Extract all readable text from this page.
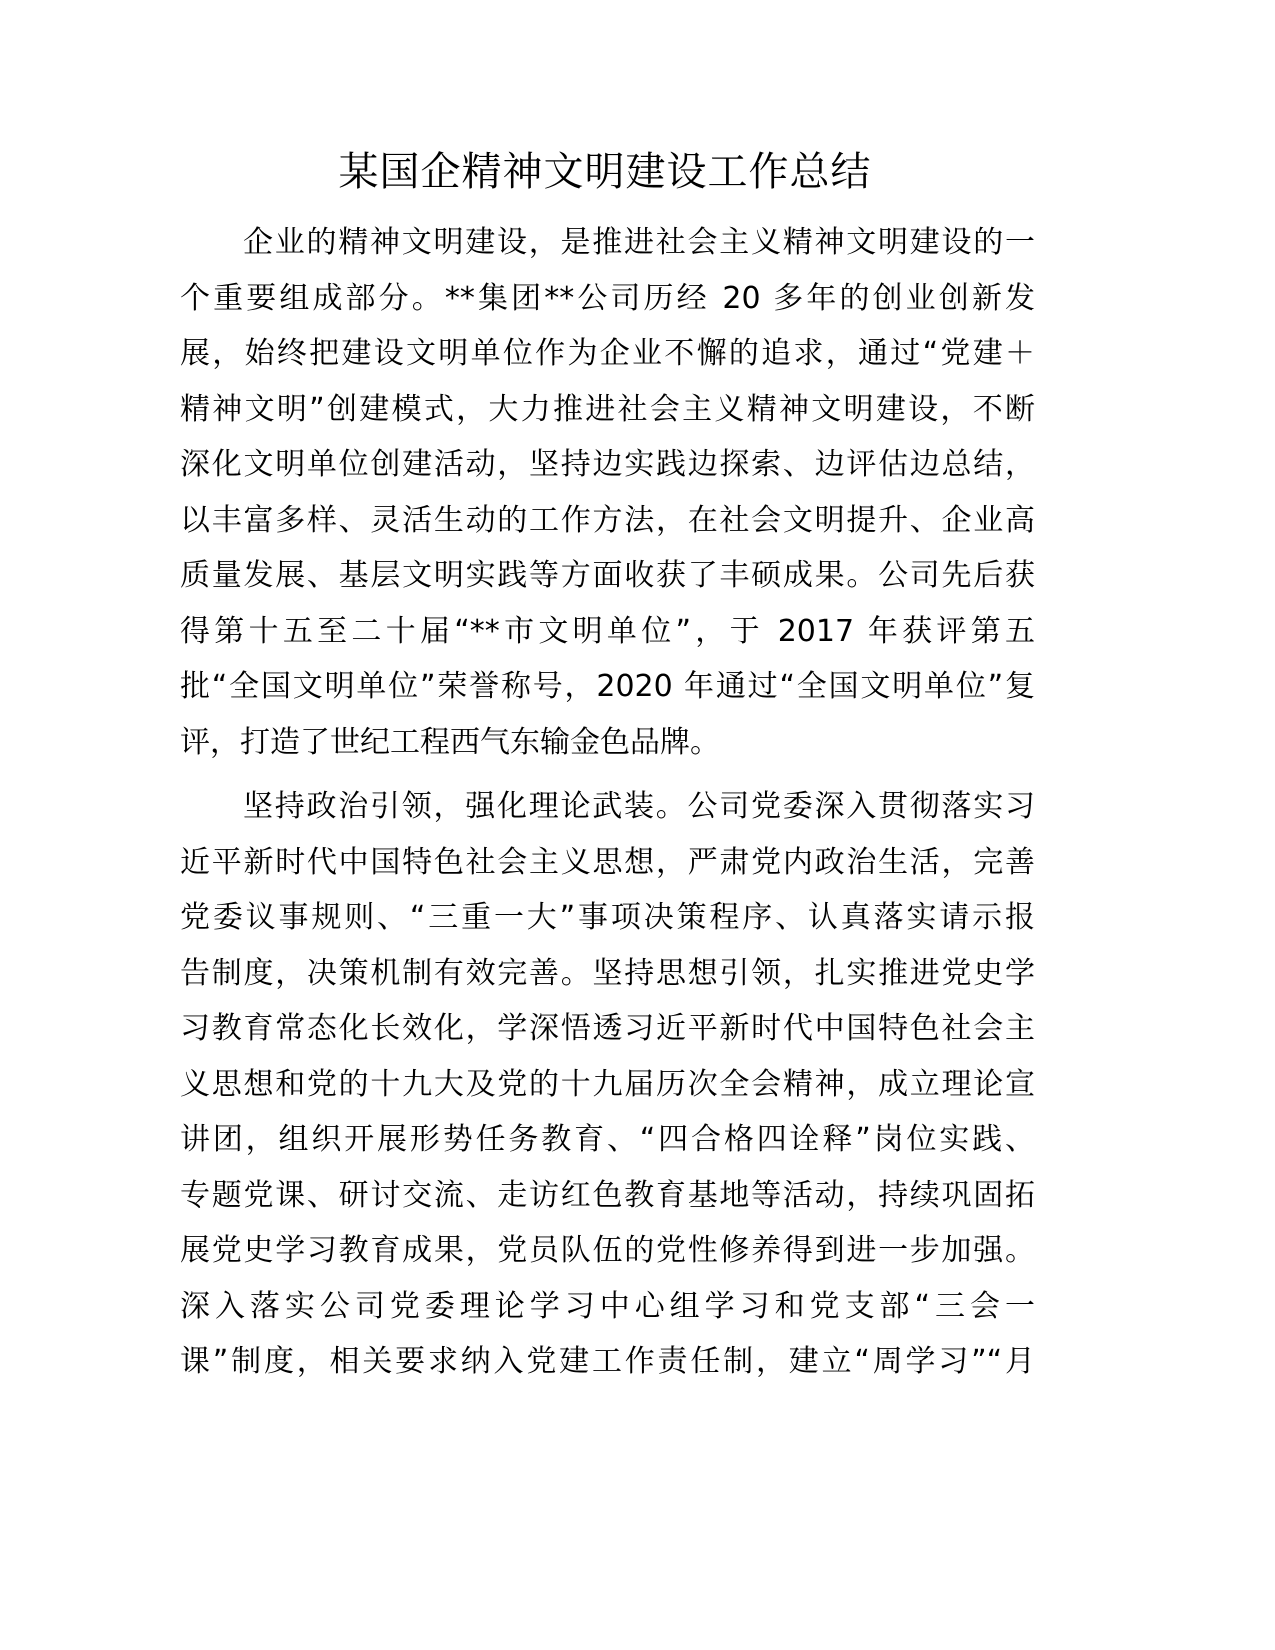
某国企精神文明建设工作总结
企业的精神文明建设，是推进社会主义精神文明建设的一
个重要组成部分。**集团**公司历经 20 多年的创业创新发
展，始终把建设文明单位作为企业不懈的追求，通过“党建＋
精神文明”创建模式，大力推进社会主义精神文明建设，不断
深化文明单位创建活动，坚持边实践边探索、边评估边总结，
以丰富多样、灵活生动的工作方法，在社会文明提升、企业高
质量发展、基层文明实践等方面收获了丰硕成果。公司先后获
得第十五至二十届“**市文明单位”，于 2017 年获评第五
批“全国文明单位”荣誉称号，2020 年通过“全国文明单位”复
评，打造了世纪工程西气东输金色品牌。
坚持政治引领，强化理论武装。公司党委深入贯彻落实习
近平新时代中国特色社会主义思想，严肃党内政治生活，完善
党委议事规则、“三重一大”事项决策程序、认真落实请示报
告制度，决策机制有效完善。坚持思想引领，扎实推进党史学
习教育常态化长效化，学深悟透习近平新时代中国特色社会主
义思想和党的十九大及党的十九届历次全会精神，成立理论宣
讲团，组织开展形势任务教育、“四合格四诠释”岗位实践、
专题党课、研讨交流、走访红色教育基地等活动，持续巩固拓
展党史学习教育成果，党员队伍的党性修养得到进一步加强。
深入落实公司党委理论学习中心组学习和党支部“三会一
课”制度，相关要求纳入党建工作责任制，建立“周学习”“月
